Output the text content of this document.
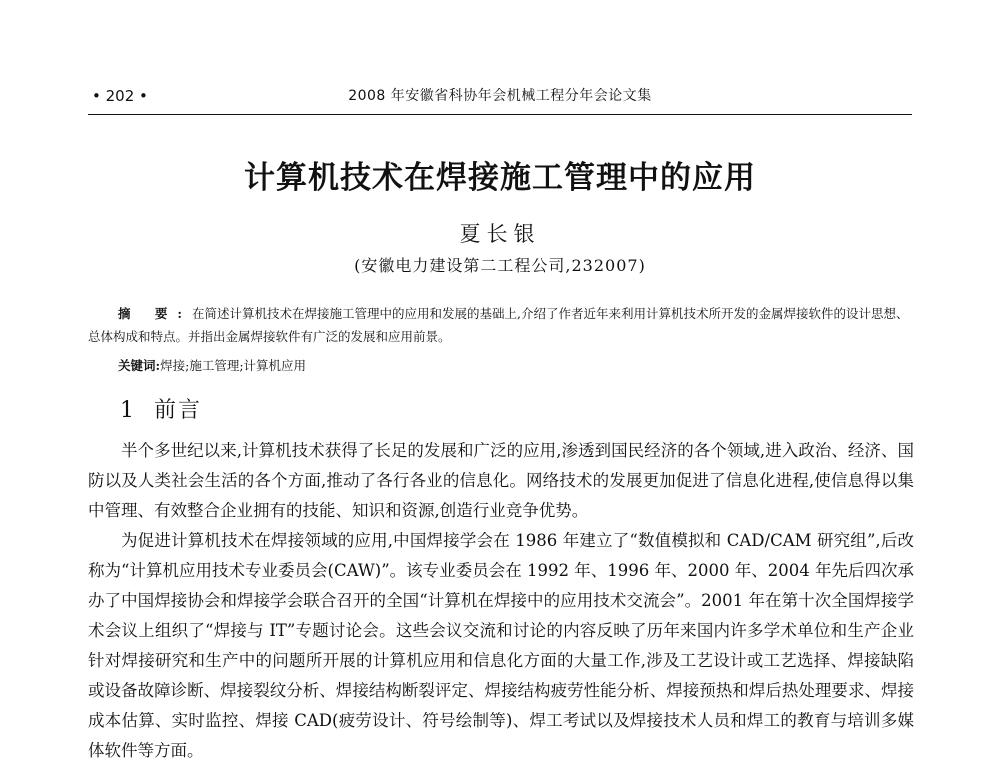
• 202 •	2008 年安徽省科协年会机械工程分年会论文集
计算机技术在焊接施工管理中的应用
夏长银
(安徽电力建设第二工程公司,232007)
摘 要:在简述计算机技术在焊接施工管理中的应用和发展的基础上,介绍了作者近年来利用计算机技术所开发的金属焊接软件的设计思想、总体构成和特点。并指出金属焊接软件有广泛的发展和应用前景。
关键词:焊接;施工管理;计算机应用
1 前言

半个多世纪以来,计算机技术获得了长足的发展和广泛的应用,渗透到国民经济的各个领域,进入政治、经济、国防以及人类社会生活的各个方面,推动了各行各业的信息化。网络技术的发展更加促进了信息化进程,使信息得以集中管理、有效整合企业拥有的技能、知识和资源,创造行业竞争优势。

为促进计算机技术在焊接领域的应用,中国焊接学会在 1986 年建立了“数值模拟和 CAD/CAM 研究组”,后改称为“计算机应用技术专业委员会(CAW)”。该专业委员会在 1992 年、1996 年、2000 年、2004 年先后四次承办了中国焊接协会和焊接学会联合召开的全国“计算机在焊接中的应用技术交流会”。2001 年在第十次全国焊接学术会议上组织了“焊接与 IT”专题讨论会。这些会议交流和讨论的内容反映了历年来国内许多学术单位和生产企业针对焊接研究和生产中的问题所开展的计算机应用和信息化方面的大量工作,涉及工艺设计或工艺选择、焊接缺陷或设备故障诊断、焊接裂纹分析、焊接结构断裂评定、焊接结构疲劳性能分析、焊接预热和焊后热处理要求、焊接成本估算、实时监控、焊接 CAD(疲劳设计、符号绘制等)、焊工考试以及焊接技术人员和焊工的教育与培训多媒体软件等方面。
